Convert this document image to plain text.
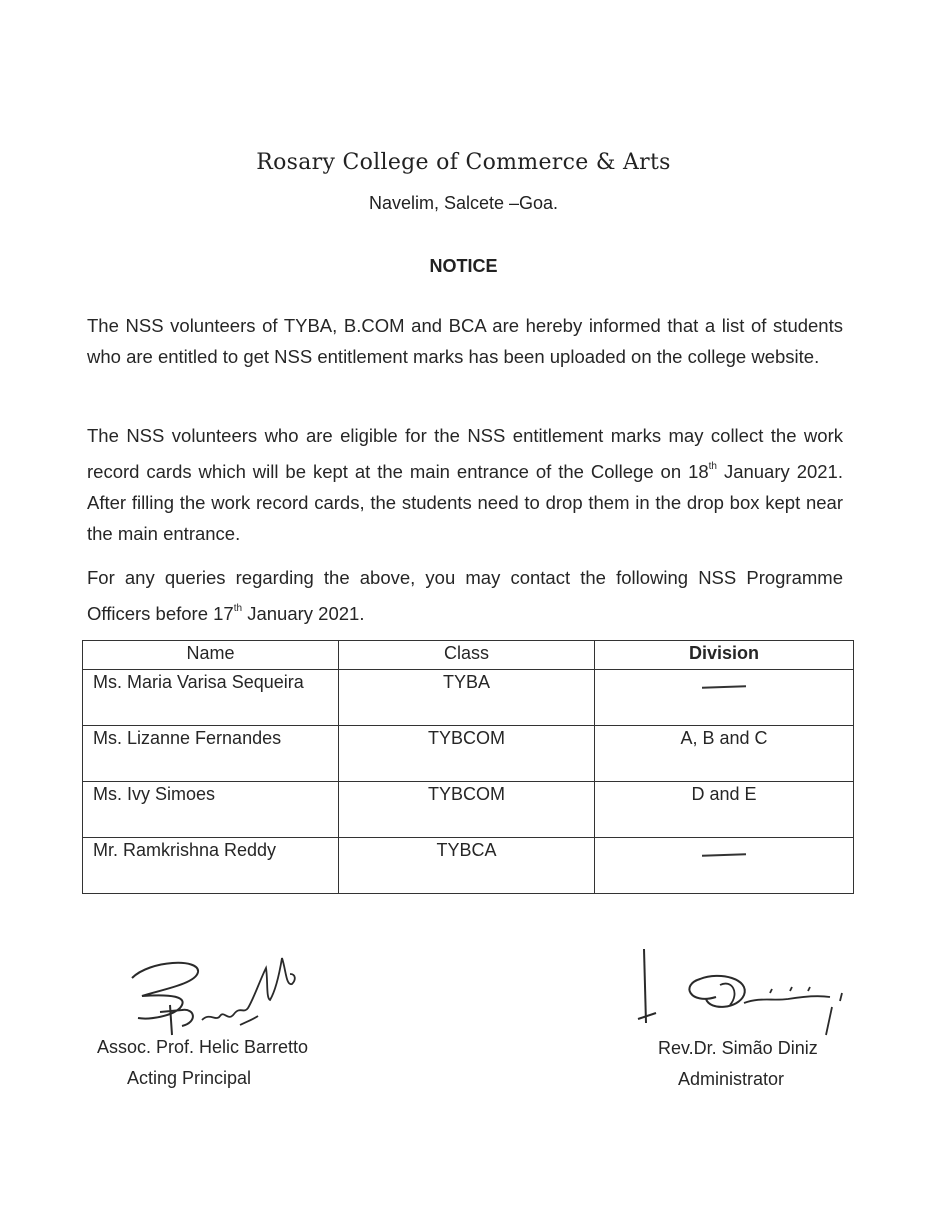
Rosary College of Commerce & Arts
Navelim, Salcete –Goa.
NOTICE
The NSS volunteers of TYBA, B.COM and BCA are hereby informed that a list of students who are entitled to get NSS entitlement marks has been uploaded on the college website.
The NSS volunteers who are eligible for the NSS entitlement marks may collect the work record cards which will be kept at the main entrance of the College on 18th January 2021. After filling the work record cards, the students need to drop them in the drop box kept near the main entrance.
For any queries regarding the above, you may contact the following NSS Programme Officers before 17th January 2021.
Name	Class	Division
Ms. Maria Varisa Sequeira	TYBA	
Ms. Lizanne Fernandes	TYBCOM	A, B and C
Ms. Ivy Simoes	TYBCOM	D and E
Mr. Ramkrishna Reddy	TYBCA	
Assoc. Prof. Helic Barretto
Acting Principal
Rev.Dr. Simão Diniz
Administrator
